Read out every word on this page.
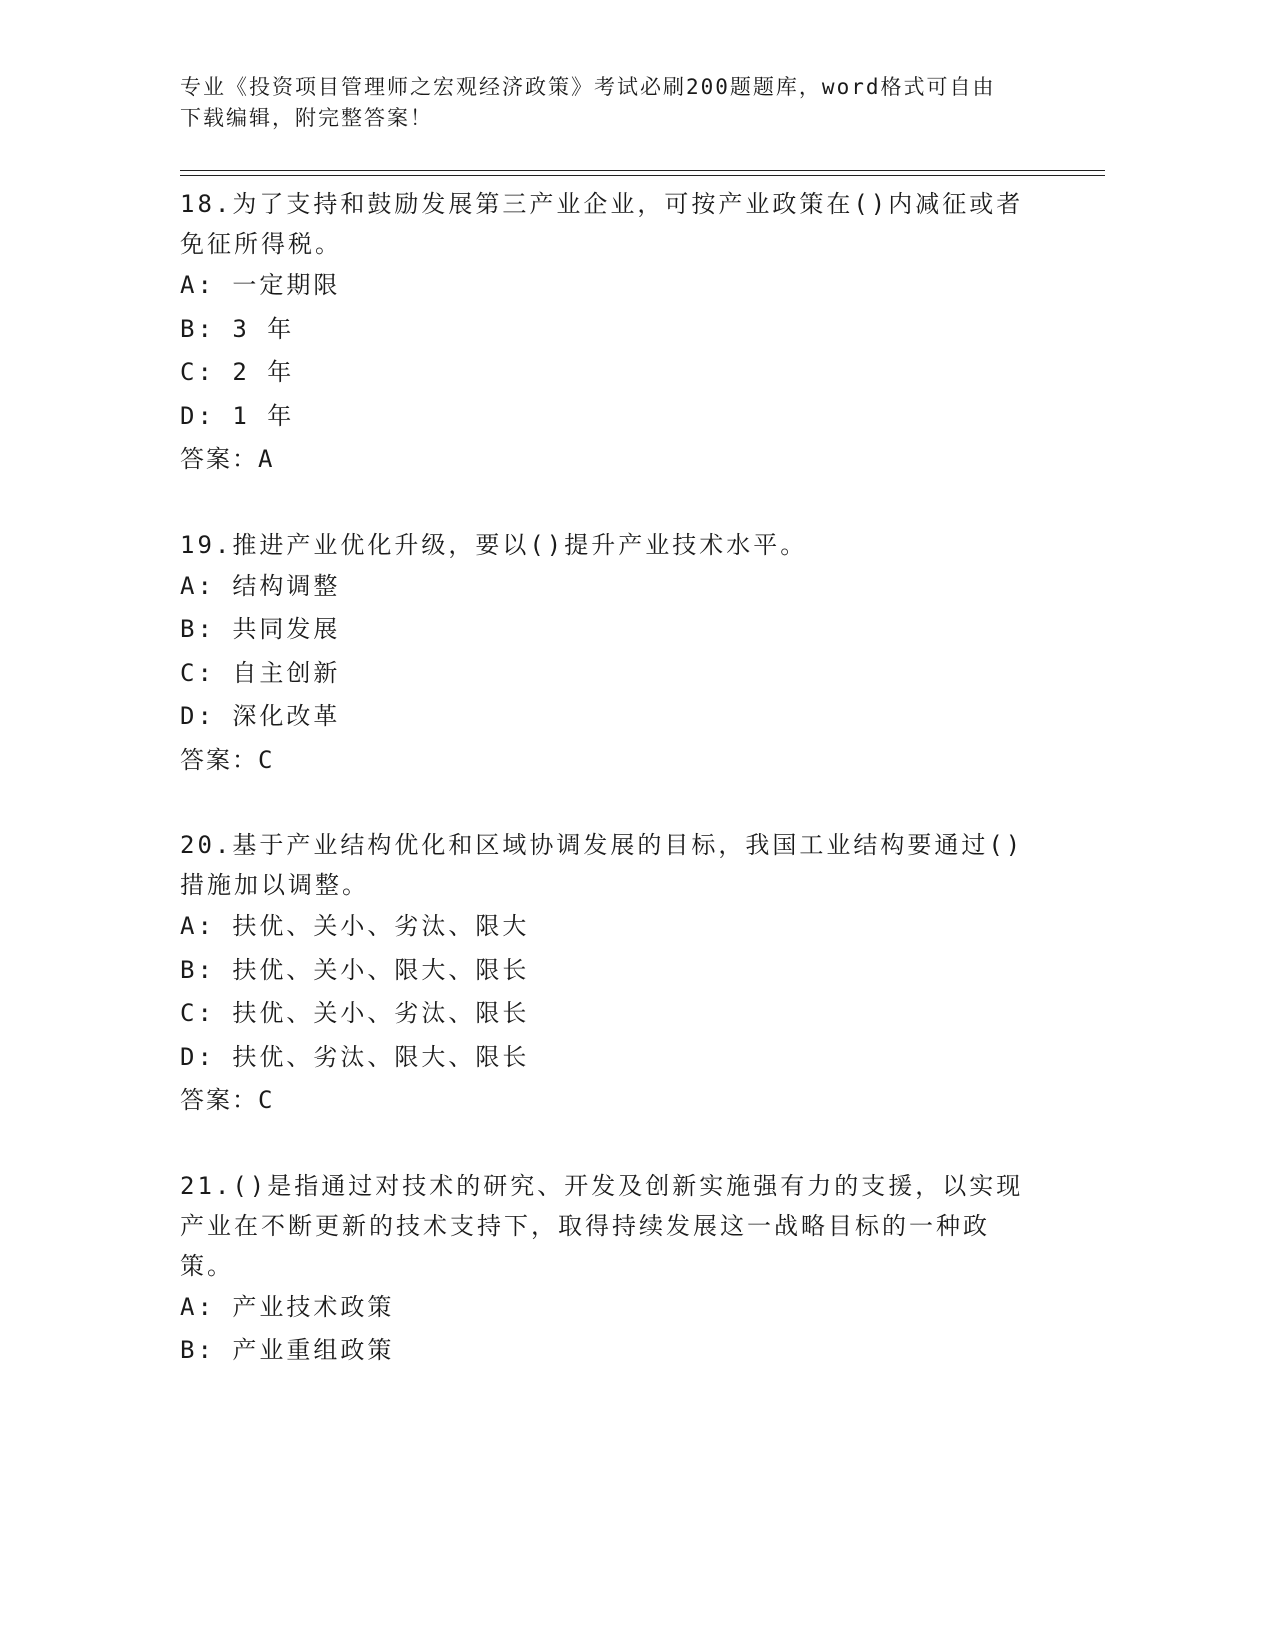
专业《投资项目管理师之宏观经济政策》考试必刷200题题库，word格式可自由
下载编辑，附完整答案！

18.为了支持和鼓励发展第三产业企业，可按产业政策在()内减征或者免征所得税。

A: 一定期限

B: 3 年

C: 2 年

D: 1 年

答案：A

19.推进产业优化升级，要以()提升产业技术水平。

A: 结构调整

B: 共同发展

C: 自主创新

D: 深化改革

答案：C

20.基于产业结构优化和区域协调发展的目标，我国工业结构要通过()措施加以调整。

A: 扶优、关小、劣汰、限大

B: 扶优、关小、限大、限长

C: 扶优、关小、劣汰、限长

D: 扶优、劣汰、限大、限长

答案：C

21.()是指通过对技术的研究、开发及创新实施强有力的支援，以实现产业在不断更新的技术支持下，取得持续发展这一战略目标的一种政策。

A: 产业技术政策

B: 产业重组政策
